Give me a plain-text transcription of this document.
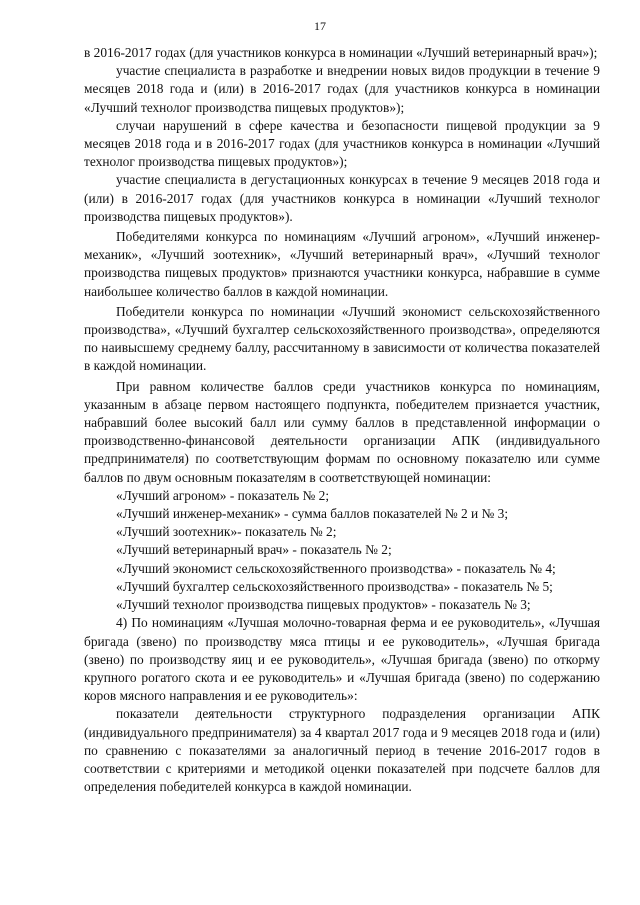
17

в 2016-2017 годах (для участников конкурса в номинации «Лучший ветеринарный врач»);

участие специалиста в разработке и внедрении новых видов продукции в течение 9 месяцев 2018 года и (или) в 2016-2017 годах (для участников конкурса в номинации «Лучший технолог производства пищевых продуктов»);

случаи нарушений в сфере качества и безопасности пищевой продукции за 9 месяцев 2018 года и в 2016-2017 годах (для участников конкурса в номинации «Лучший технолог производства пищевых продуктов»);

участие специалиста в дегустационных конкурсах в течение 9 месяцев 2018 года и (или) в 2016-2017 годах (для участников конкурса в номинации «Лучший технолог производства пищевых продуктов»).

Победителями конкурса по номинациям «Лучший агроном», «Лучший инженер-механик», «Лучший зоотехник», «Лучший ветеринарный врач», «Лучший технолог производства пищевых продуктов» признаются участники конкурса, набравшие в сумме наибольшее количество баллов в каждой номинации.

Победители конкурса по номинации «Лучший экономист сельскохозяйственного производства», «Лучший бухгалтер сельскохозяйственного производства», определяются по наивысшему среднему баллу, рассчитанному в зависимости от количества показателей в каждой номинации.

При равном количестве баллов среди участников конкурса по номинациям, указанным в абзаце первом настоящего подпункта, победителем признается участник, набравший более высокий балл или сумму баллов в представленной информации о производственно-финансовой деятельности организации АПК (индивидуального предпринимателя) по соответствующим формам по основному показателю или сумме баллов по двум основным показателям в соответствующей номинации:

«Лучший агроном» - показатель № 2;
«Лучший инженер-механик» - сумма баллов показателей № 2 и № 3;
«Лучший зоотехник»- показатель № 2;
«Лучший ветеринарный врач» - показатель № 2;
«Лучший экономист сельскохозяйственного производства» - показатель № 4;
«Лучший бухгалтер сельскохозяйственного производства» - показатель № 5;
«Лучший технолог производства пищевых продуктов» - показатель № 3;

4) По номинациям «Лучшая молочно-товарная ферма и ее руководитель», «Лучшая бригада (звено) по производству мяса птицы и ее руководитель», «Лучшая бригада (звено) по производству яиц и ее руководитель», «Лучшая бригада (звено) по откорму крупного рогатого скота и ее руководитель» и «Лучшая бригада (звено) по содержанию коров мясного направления и ее руководитель»:

показатели деятельности структурного подразделения организации АПК (индивидуального предпринимателя) за 4 квартал 2017 года и 9 месяцев 2018 года и (или) по сравнению с показателями за аналогичный период в течение 2016-2017 годов в соответствии с критериями и методикой оценки показателей при подсчете баллов для определения победителей конкурса в каждой номинации.
